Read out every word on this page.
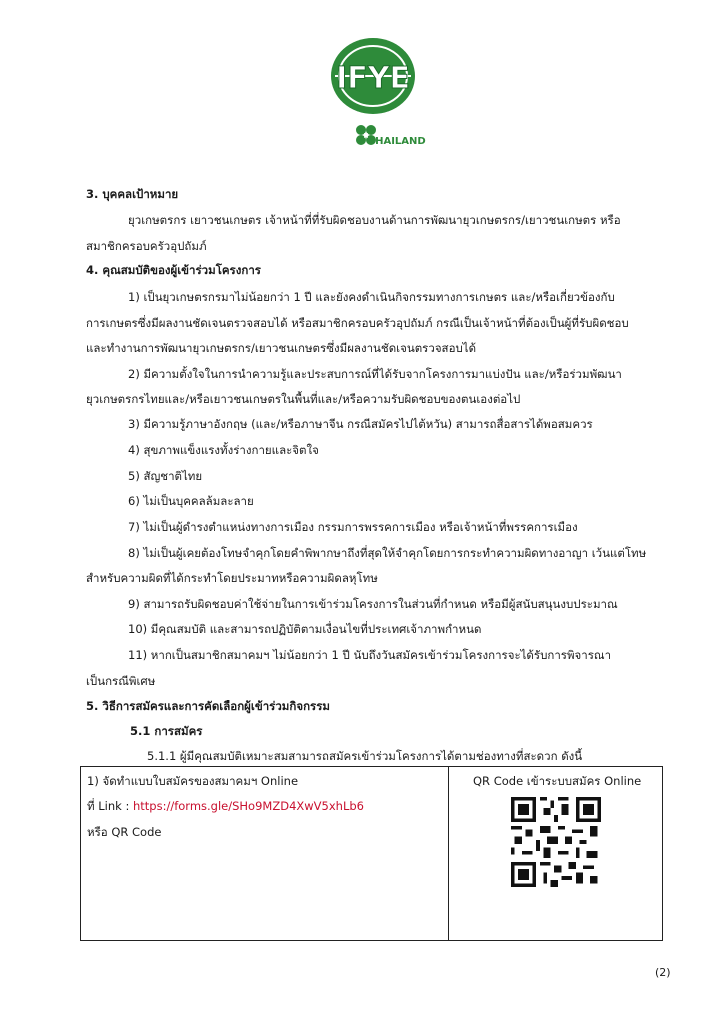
IFYE
H THAILAND
3. บุคคลเป้าหมาย
ยุวเกษตรกร เยาวชนเกษตร เจ้าหน้าที่ที่รับผิดชอบงานด้านการพัฒนายุวเกษตรกร/เยาวชนเกษตร หรือ
สมาชิกครอบครัวอุปถัมภ์
4. คุณสมบัติของผู้เข้าร่วมโครงการ
1) เป็นยุวเกษตรกรมาไม่น้อยกว่า 1 ปี และยังคงดำเนินกิจกรรมทางการเกษตร และ/หรือเกี่ยวข้องกับ
การเกษตรซึ่งมีผลงานชัดเจนตรวจสอบได้ หรือสมาชิกครอบครัวอุปถัมภ์ กรณีเป็นเจ้าหน้าที่ต้องเป็นผู้ที่รับผิดชอบ
และทำงานการพัฒนายุวเกษตรกร/เยาวชนเกษตรซึ่งมีผลงานชัดเจนตรวจสอบได้
2) มีความตั้งใจในการนำความรู้และประสบการณ์ที่ได้รับจากโครงการมาแบ่งปัน และ/หรือร่วมพัฒนา
ยุวเกษตรกรไทยและ/หรือเยาวชนเกษตรในพื้นที่และ/หรือความรับผิดชอบของตนเองต่อไป
3) มีความรู้ภาษาอังกฤษ (และ/หรือภาษาจีน กรณีสมัครไปไต้หวัน) สามารถสื่อสารได้พอสมควร
4) สุขภาพแข็งแรงทั้งร่างกายและจิตใจ
5) สัญชาติไทย
6) ไม่เป็นบุคคลล้มละลาย
7) ไม่เป็นผู้ดำรงตำแหน่งทางการเมือง กรรมการพรรคการเมือง หรือเจ้าหน้าที่พรรคการเมือง
8) ไม่เป็นผู้เคยต้องโทษจำคุกโดยคำพิพากษาถึงที่สุดให้จำคุกโดยการกระทำความผิดทางอาญา เว้นแต่โทษ
สำหรับความผิดที่ได้กระทำโดยประมาทหรือความผิดลหุโทษ
9) สามารถรับผิดชอบค่าใช้จ่ายในการเข้าร่วมโครงการในส่วนที่กำหนด หรือมีผู้สนับสนุนงบประมาณ
10) มีคุณสมบัติ และสามารถปฏิบัติตามเงื่อนไขที่ประเทศเจ้าภาพกำหนด
11) หากเป็นสมาชิกสมาคมฯ ไม่น้อยกว่า 1 ปี นับถึงวันสมัครเข้าร่วมโครงการจะได้รับการพิจารณา
เป็นกรณีพิเศษ
5. วิธีการสมัครและการคัดเลือกผู้เข้าร่วมกิจกรรม
5.1 การสมัคร
5.1.1 ผู้มีคุณสมบัติเหมาะสมสามารถสมัครเข้าร่วมโครงการได้ตามช่องทางที่สะดวก ดังนี้
1) จัดทำแบบใบสมัครของสมาคมฯ Online
ที่ Link : https://forms.gle/SHo9MZD4XwV5xhLb6
หรือ QR Code
QR Code เข้าระบบสมัคร Online
(2)
